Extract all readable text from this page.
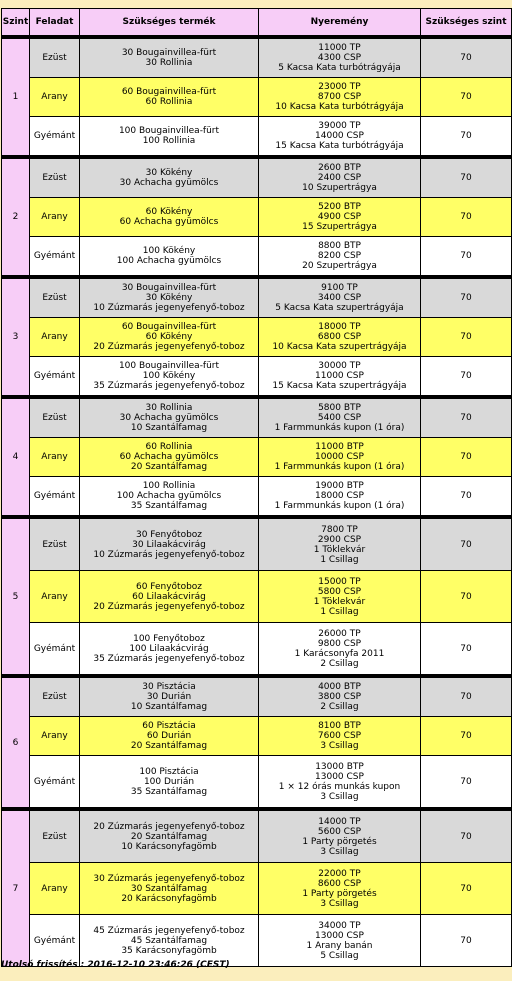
Szint	Feladat	Szükséges termék	Nyeremény	Szükséges szint

1	Ezüst	30 Bougainvillea-fürt
30 Rollinia	11000 TP
4300 CSP
5 Kacsa Kata turbótrágyája	70
	Arany	60 Bougainvillea-fürt
60 Rollinia	23000 TP
8700 CSP
10 Kacsa Kata turbótrágyája	70
	Gyémánt	100 Bougainvillea-fürt
100 Rollinia	39000 TP
14000 CSP
15 Kacsa Kata turbótrágyája	70

2	Ezüst	30 Kökény
30 Achacha gyümölcs	2600 BTP
2400 CSP
10 Szupertrágya	70
	Arany	60 Kökény
60 Achacha gyümölcs	5200 BTP
4900 CSP
15 Szupertrágya	70
	Gyémánt	100 Kökény
100 Achacha gyümölcs	8800 BTP
8200 CSP
20 Szupertrágya	70

3	Ezüst	30 Bougainvillea-fürt
30 Kökény
10 Zúzmarás jegenyefenyő-toboz	9100 TP
3400 CSP
5 Kacsa Kata szupertrágyája	70
	Arany	60 Bougainvillea-fürt
60 Kökény
20 Zúzmarás jegenyefenyő-toboz	18000 TP
6800 CSP
10 Kacsa Kata szupertrágyája	70
	Gyémánt	100 Bougainvillea-fürt
100 Kökény
35 Zúzmarás jegenyefenyő-toboz	30000 TP
11000 CSP
15 Kacsa Kata szupertrágyája	70

4	Ezüst	30 Rollinia
30 Achacha gyümölcs
10 Szantálfamag	5800 BTP
5400 CSP
1 Farmmunkás kupon (1 óra)	70
	Arany	60 Rollinia
60 Achacha gyümölcs
20 Szantálfamag	11000 BTP
10000 CSP
1 Farmmunkás kupon (1 óra)	70
	Gyémánt	100 Rollinia
100 Achacha gyümölcs
35 Szantálfamag	19000 BTP
18000 CSP
1 Farmmunkás kupon (1 óra)	70

5	Ezüst	30 Fenyőtoboz
30 Lilaakácvirág
10 Zúzmarás jegenyefenyő-toboz	7800 TP
2900 CSP
1 Töklekvár
1 Csillag	70
	Arany	60 Fenyőtoboz
60 Lilaakácvirág
20 Zúzmarás jegenyefenyő-toboz	15000 TP
5800 CSP
1 Töklekvár
1 Csillag	70
	Gyémánt	100 Fenyőtoboz
100 Lilaakácvirág
35 Zúzmarás jegenyefenyő-toboz	26000 TP
9800 CSP
1 Karácsonyfa 2011
2 Csillag	70

6	Ezüst	30 Pisztácia
30 Durián
10 Szantálfamag	4000 BTP
3800 CSP
2 Csillag	70
	Arany	60 Pisztácia
60 Durián
20 Szantálfamag	8100 BTP
7600 CSP
3 Csillag	70
	Gyémánt	100 Pisztácia
100 Durián
35 Szantálfamag	13000 BTP
13000 CSP
1 × 12 órás munkás kupon
3 Csillag	70

7	Ezüst	20 Zúzmarás jegenyefenyő-toboz
20 Szantálfamag
10 Karácsonyfagömb	14000 TP
5600 CSP
1 Party pörgetés
3 Csillag	70
	Arany	30 Zúzmarás jegenyefenyő-toboz
30 Szantálfamag
20 Karácsonyfagömb	22000 TP
8600 CSP
1 Party pörgetés
3 Csillag	70
	Gyémánt	45 Zúzmarás jegenyefenyő-toboz
45 Szantálfamag
35 Karácsonyfagömb	34000 TP
13000 CSP
1 Arany banán
5 Csillag	70
Utolsó frissítés : 2016-12-10 23:46:26 (CEST)
